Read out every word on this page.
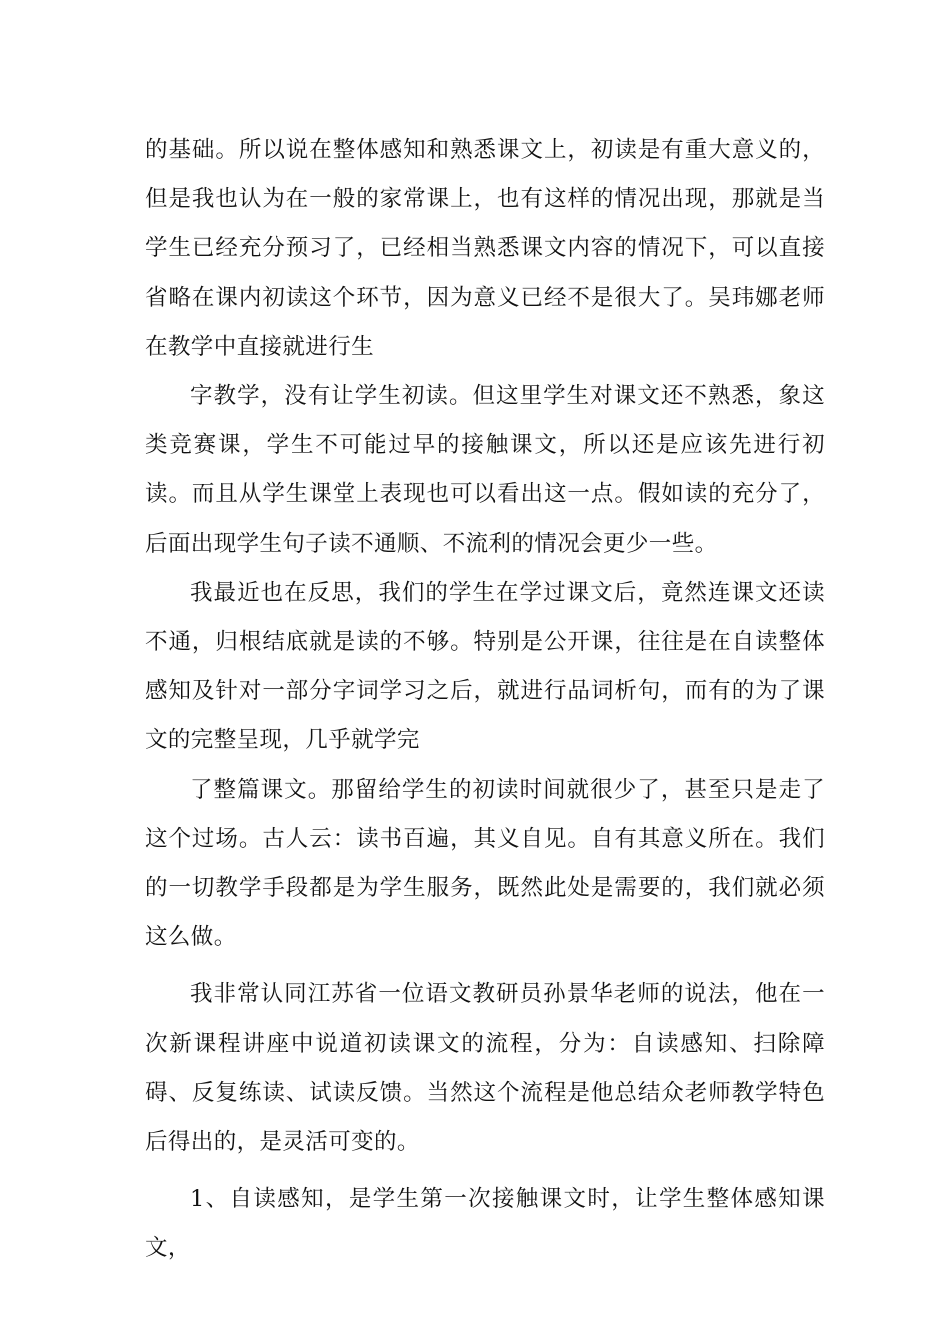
的基础。所以说在整体感知和熟悉课文上，初读是有重大意义的，但是我也认为在一般的家常课上，也有这样的情况出现，那就是当学生已经充分预习了，已经相当熟悉课文内容的情况下，可以直接省略在课内初读这个环节，因为意义已经不是很大了。吴玮娜老师在教学中直接就进行生

字教学，没有让学生初读。但这里学生对课文还不熟悉，象这类竞赛课，学生不可能过早的接触课文，所以还是应该先进行初读。而且从学生课堂上表现也可以看出这一点。假如读的充分了，后面出现学生句子读不通顺、不流利的情况会更少一些。

我最近也在反思，我们的学生在学过课文后，竟然连课文还读不通，归根结底就是读的不够。特别是公开课，往往是在自读整体感知及针对一部分字词学习之后，就进行品词析句，而有的为了课文的完整呈现，几乎就学完

了整篇课文。那留给学生的初读时间就很少了，甚至只是走了这个过场。古人云：读书百遍，其义自见。自有其意义所在。我们的一切教学手段都是为学生服务，既然此处是需要的，我们就必须这么做。

我非常认同江苏省一位语文教研员孙景华老师的说法，他在一次新课程讲座中说道初读课文的流程，分为：自读感知、扫除障碍、反复练读、试读反馈。当然这个流程是他总结众老师教学特色后得出的，是灵活可变的。

1、自读感知，是学生第一次接触课文时，让学生整体感知课文，
